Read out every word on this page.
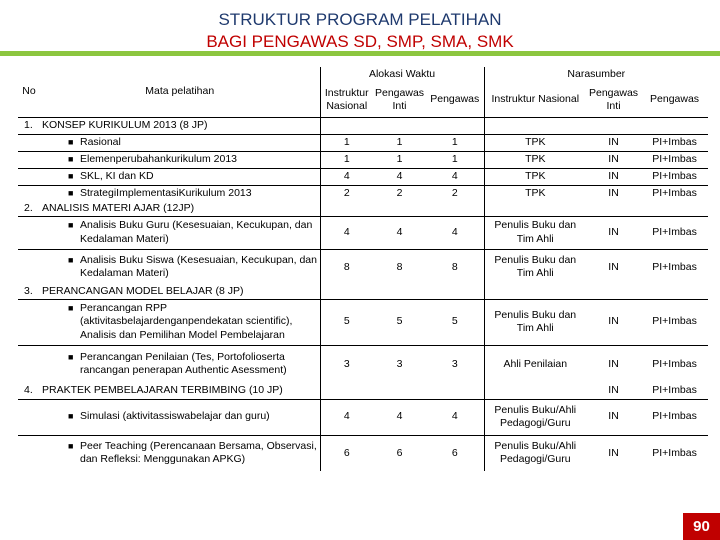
STRUKTUR PROGRAM PELATIHAN
BAGI PENGAWAS SD, SMP, SMA, SMK
No	Mata pelatihan	Alokasi Waktu			Narasumber		
		Instruktur Nasional	Pengawas Inti	Pengawas	Instruktur Nasional	Pengawas Inti	Pengawas
1.	KONSEP KURIKULUM 2013 (8 JP)						

	■ Rasional	1	1	1	TPK	IN	PI+Imbas

	■ Elemenperubahankurikulum 2013	1	1	1	TPK	IN	PI+Imbas

	■ SKL, KI dan KD	4	4	4	TPK	IN	PI+Imbas

	■ StrategiImplementasiKurikulum 2013	2	2	2	TPK	IN	PI+Imbas
2.	ANALISIS MATERI AJAR (12JP)						

	■ Analisis Buku Guru (Kesesuaian, Kecukupan, dan Kedalaman Materi)	4	4	4	Penulis Buku dan Tim Ahli	IN	PI+Imbas

	■ Analisis Buku Siswa (Kesesuaian, Kecukupan, dan Kedalaman Materi)	8	8	8	Penulis Buku dan Tim Ahli	IN	PI+Imbas
3.	PERANCANGAN MODEL BELAJAR (8 JP)						

	■ Perancangan RPP (aktivitasbelajardenganpendekatan scientific), Analisis dan Pemilihan Model Pembelajaran	5	5	5	Penulis Buku dan Tim Ahli	IN	PI+Imbas

	■ Perancangan Penilaian (Tes, Portofolioserta rancangan penerapan Authentic Asessment)	3	3	3	Ahli Penilaian	IN	PI+Imbas
4.	PRAKTEK PEMBELAJARAN TERBIMBING (10 JP)					IN	PI+Imbas

	■ Simulasi (aktivitassiswabelajar dan guru)	4	4	4	Penulis Buku/Ahli Pedagogi/Guru	IN	PI+Imbas

	■ Peer Teaching (Perencanaan Bersama, Observasi, dan Refleksi: Menggunakan APKG)	6	6	6	Penulis Buku/Ahli Pedagogi/Guru	IN	PI+Imbas
90
